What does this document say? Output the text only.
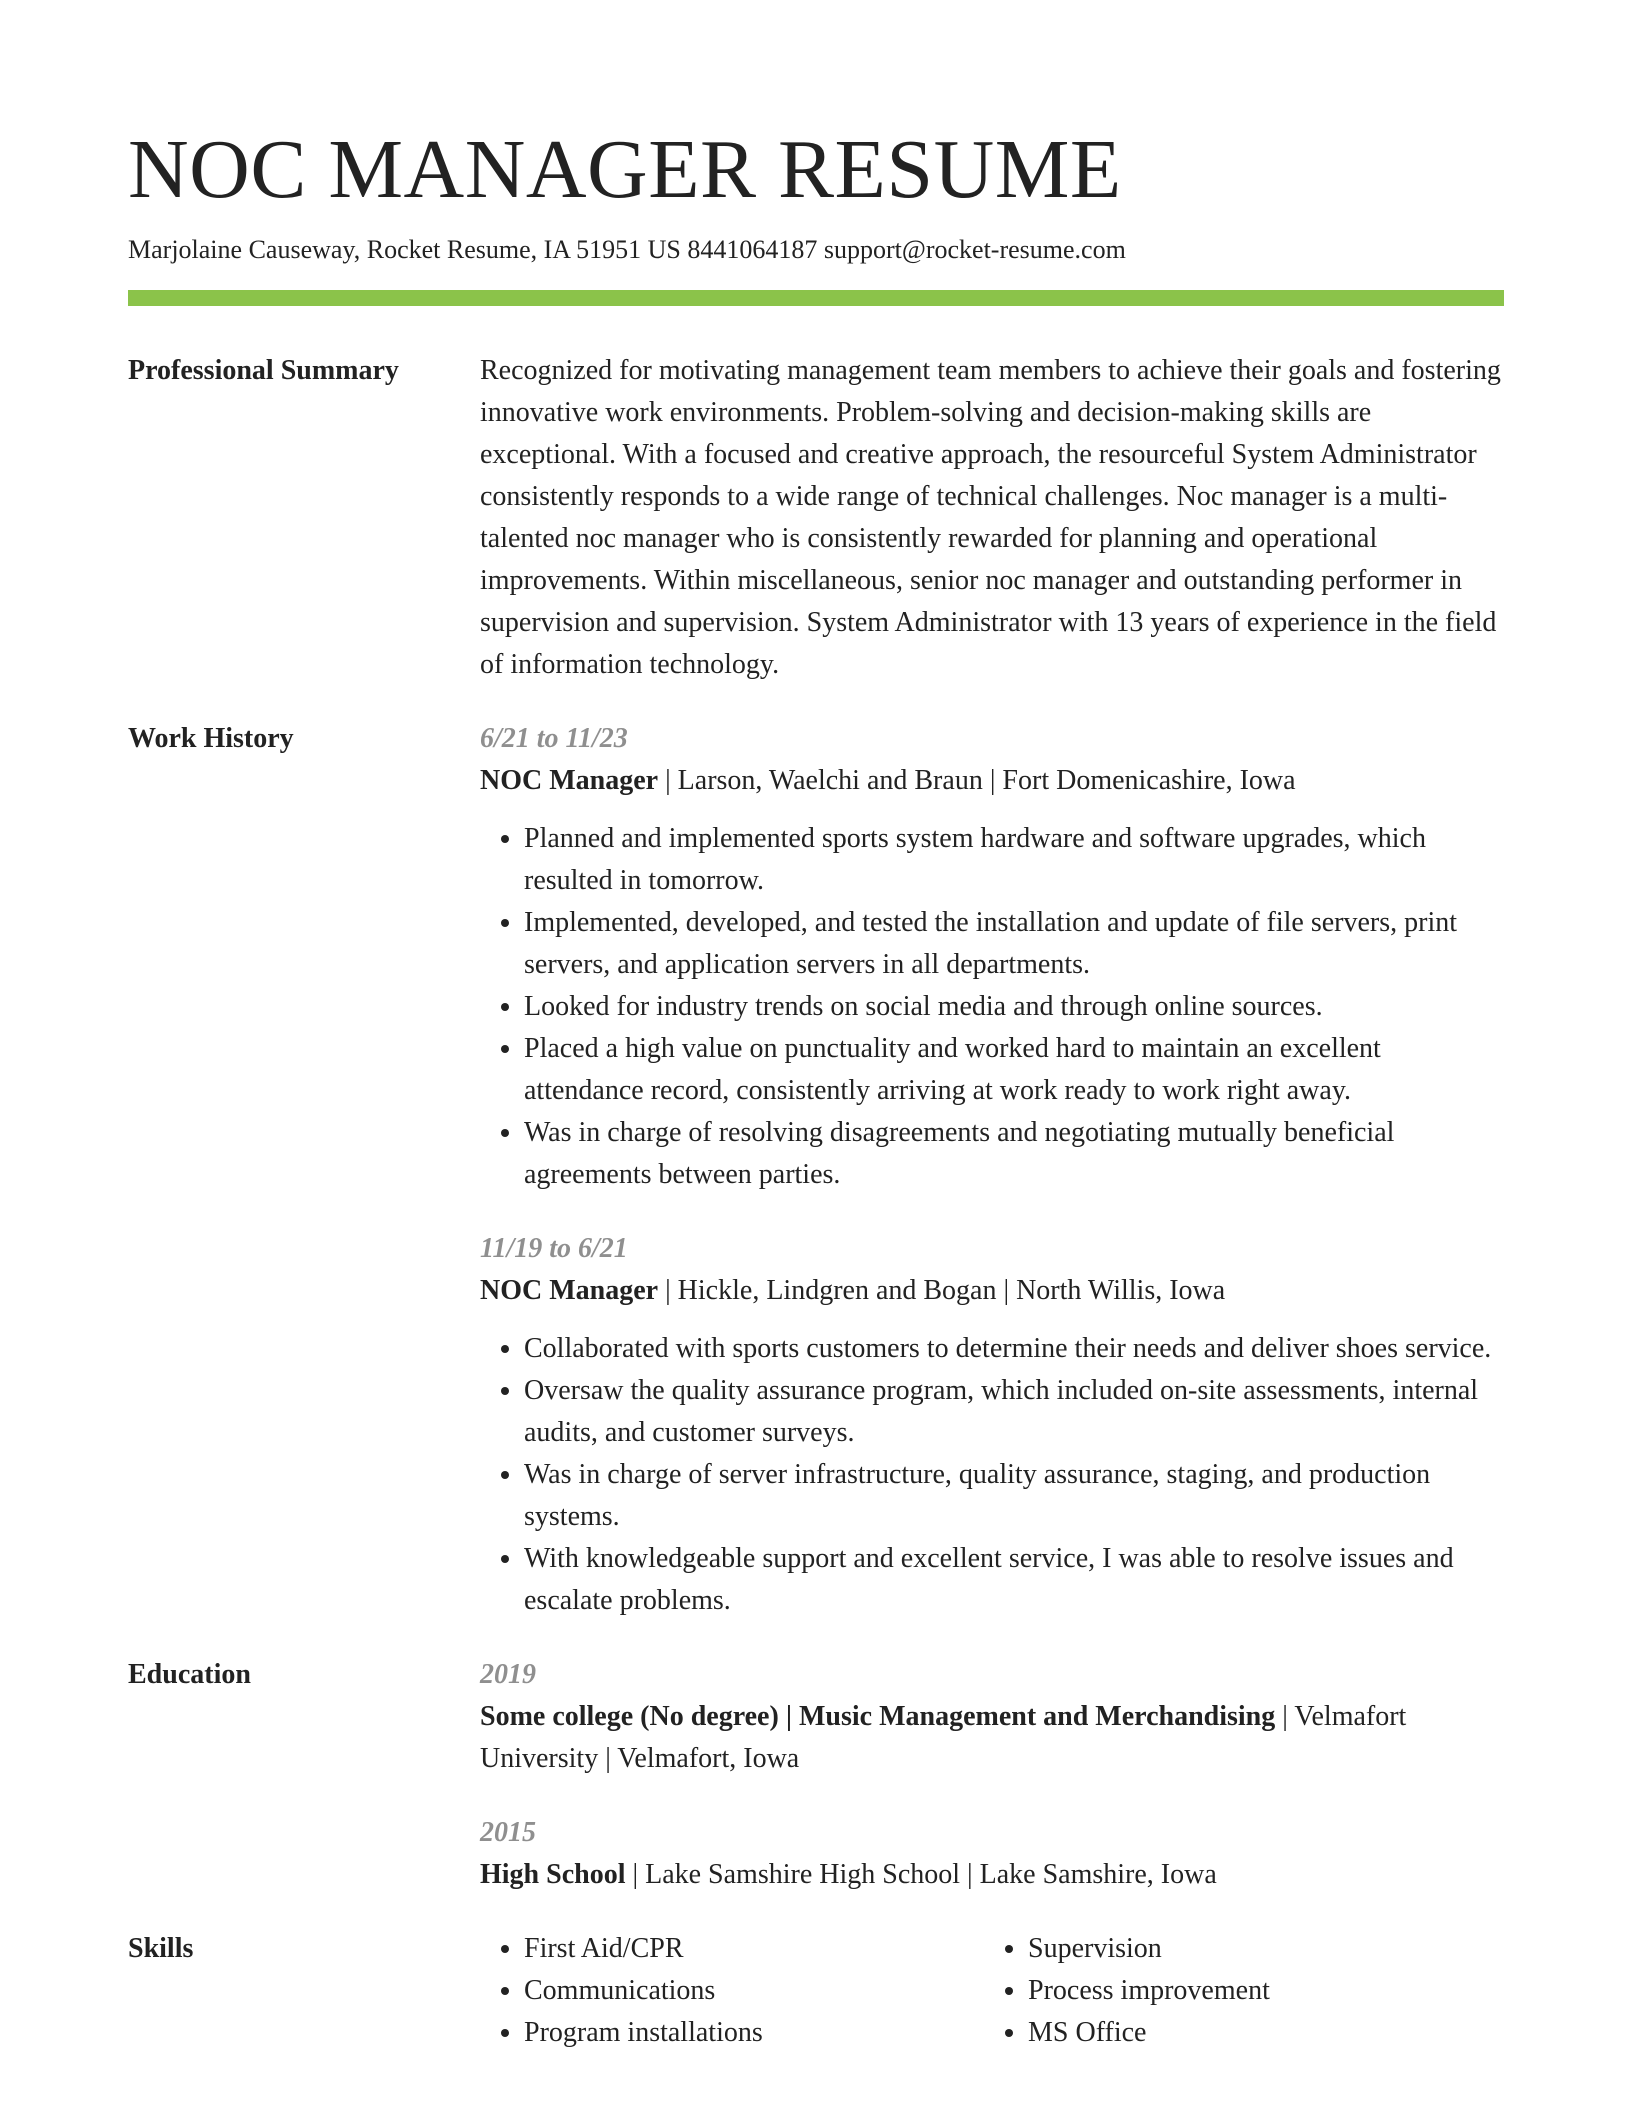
NOC MANAGER RESUME
Marjolaine Causeway, Rocket Resume, IA 51951 US 8441064187 support@rocket-resume.com
Professional Summary	Recognized for motivating management team members to achieve their goals and fostering innovative work environments. Problem-solving and decision-making skills are exceptional. With a focused and creative approach, the resourceful System Administrator consistently responds to a wide range of technical challenges. Noc manager is a multi-talented noc manager who is consistently rewarded for planning and operational improvements. Within miscellaneous, senior noc manager and outstanding performer in supervision and supervision. System Administrator with 13 years of experience in the field of information technology.

Work History	6/21 to 11/23
NOC Manager | Larson, Waelchi and Braun | Fort Domenicashire, Iowa
• Planned and implemented sports system hardware and software upgrades, which resulted in tomorrow.
• Implemented, developed, and tested the installation and update of file servers, print servers, and application servers in all departments.
• Looked for industry trends on social media and through online sources.
• Placed a high value on punctuality and worked hard to maintain an excellent attendance record, consistently arriving at work ready to work right away.
• Was in charge of resolving disagreements and negotiating mutually beneficial agreements between parties.
11/19 to 6/21
NOC Manager | Hickle, Lindgren and Bogan | North Willis, Iowa
• Collaborated with sports customers to determine their needs and deliver shoes service.
• Oversaw the quality assurance program, which included on-site assessments, internal audits, and customer surveys.
• Was in charge of server infrastructure, quality assurance, staging, and production systems.
• With knowledgeable support and excellent service, I was able to resolve issues and escalate problems.
Education	2019
Some college (No degree) | Music Management and Merchandising | Velmafort University | Velmafort, Iowa
2015
High School | Lake Samshire High School | Lake Samshire, Iowa
Skills
•	First Aid/CPR
• Communications
• Program installations
• Supervision
• Process improvement
• MS Office
